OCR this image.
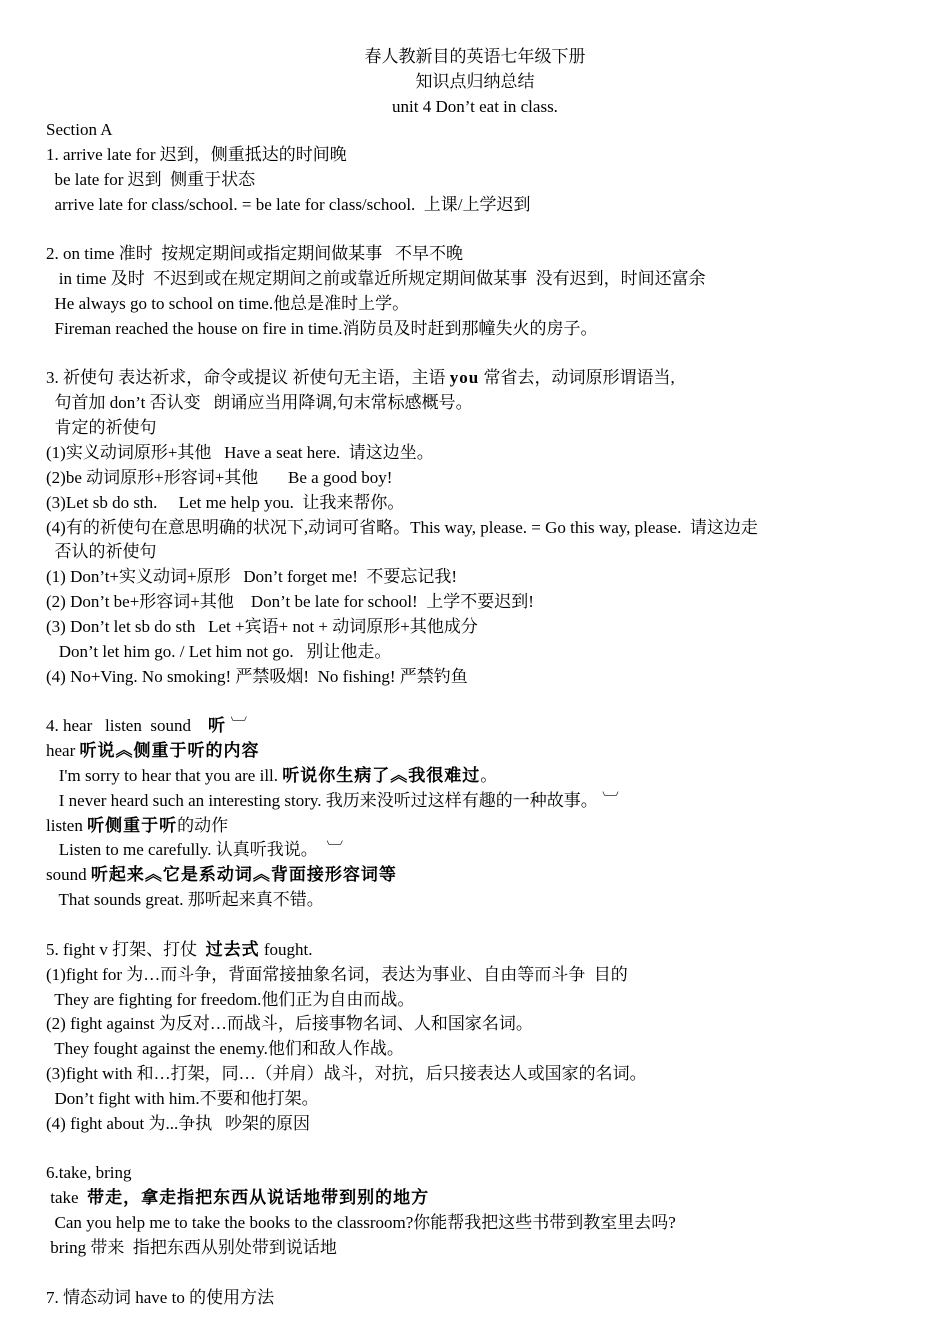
春人教新目的英语七年级下册
知识点归纳总结
unit 4 Don’t eat in class.
Section A
1. arrive late for 迟到，侧重抵达的时间晚
be late for 迟到  侧重于状态
arrive late for class/school. = be late for class/school.  上课/上学迟到
2. on time 准时  按规定期间或指定期间做某事   不早不晚
in time 及时  不迟到或在规定期间之前或靠近所规定期间做某事  没有迟到，时间还富余
He always go to school on time.他总是准时上学。
Fireman reached the house on fire in time.消防员及时赶到那幢失火的房子。
3. 祈使句 表达祈求，命令或提议 祈使句无主语，主语 you 常省去，动词原形谓语当,
句首加 don’t 否认变   朗诵应当用降调,句末常标感概号。
肯定的祈使句
(1)实义动词原形+其他   Have a seat here.  请这边坐。
(2)be 动词原形+形容词+其他       Be a good boy!
(3)Let sb do sth.     Let me help you.  让我来帮你。
(4)有的祈使句在意思明确的状况下,动词可省略。This way, please. = Go this way, please.  请这边走
否认的祈使句
(1) Don’t+实义动词+原形   Don’t forget me!  不要忘记我!
(2) Don’t be+形容词+其他    Don’t be late for school!  上学不要迟到!
(3) Don’t let sb do sth   Let +宾语+ not + 动词原形+其他成分
Don’t let him go. / Let him not go.   别让他走。
(4) No+Ving. No smoking! 严禁吸烟!  No fishing! 严禁钓鱼
4. hear   listen  sound    听 ︺
hear 听说︽侧重于听的内容
I'm sorry to hear that you are ill. 听说你生病了︽我很难过。
I never heard such an interesting story. 我历来没听过这样有趣的一种故事。 ︺
listen 听侧重于听的动作
Listen to me carefully. 认真听我说。  ︺
sound 听起来︽它是系动词︽背面接形容词等
That sounds great. 那听起来真不错。
5. fight v 打架、打仗  过去式 fought.
(1)fight for 为…而斗争，背面常接抽象名词，表达为事业、自由等而斗争  目的
They are fighting for freedom.他们正为自由而战。
(2) fight against 为反对…而战斗，后接事物名词、人和国家名词。
They fought against the enemy.他们和敌人作战。
(3)fight with 和…打架，同…（并肩）战斗，对抗，后只接表达人或国家的名词。
Don’t fight with him.不要和他打架。
(4) fight about 为...争执   吵架的原因
6.take, bring
take  带走，拿走指把东西从说话地带到别的地方
Can you help me to take the books to the classroom?你能帮我把这些书带到教室里去吗?
bring 带来  指把东西从别处带到说话地
7. 情态动词 have to 的使用方法
